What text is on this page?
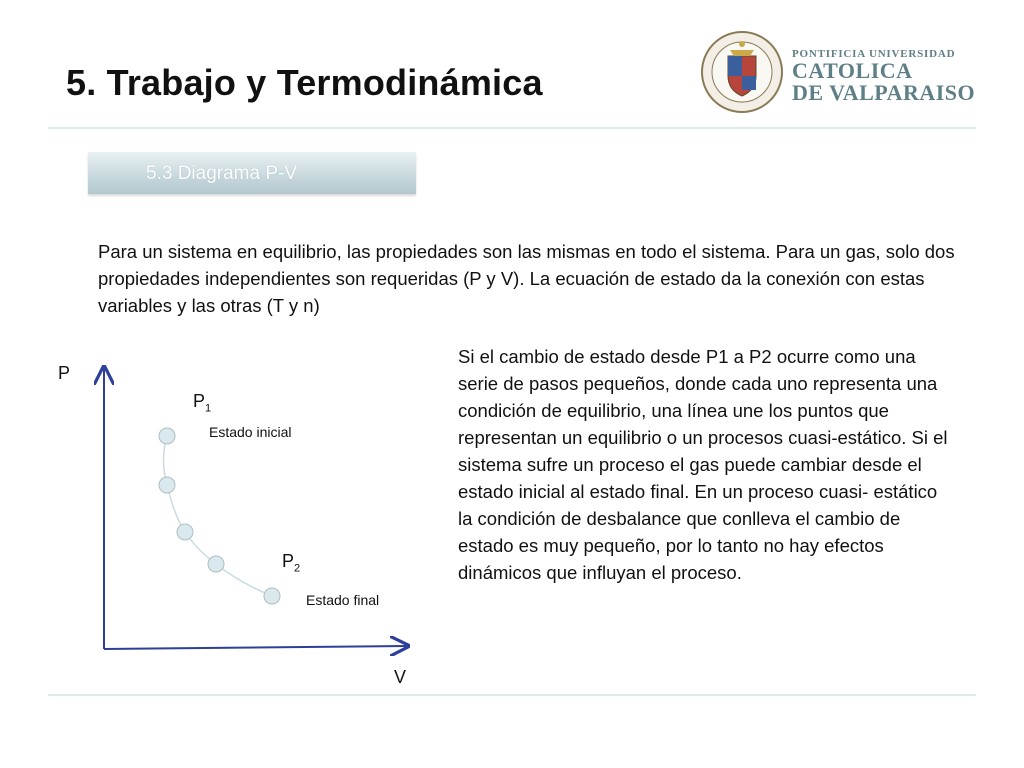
5. Trabajo y Termodinámica
PONTIFICIA UNIVERSIDAD
CATOLICA
DE VALPARAISO
5.3 Diagrama P-V

Para un sistema en equilibrio, las propiedades son las mismas en todo el sistema. Para un gas, solo dos propiedades independientes son requeridas (P y V). La ecuación de estado da la conexión con estas variables y las otras (T y n)

P
V
$P_1$
Estado inicial
$P_2$
Estado final

Si el cambio de estado desde P1 a P2 ocurre como una serie de pasos pequeños, donde cada uno representa una condición de equilibrio, una línea une los puntos que representan un equilibrio o un procesos cuasi-estático. Si el sistema sufre un proceso el gas puede cambiar desde el estado inicial al estado final. En un proceso cuasi- estático la condición de desbalance que conlleva el cambio de estado es muy pequeño, por lo tanto no hay efectos dinámicos que influyan el proceso.
